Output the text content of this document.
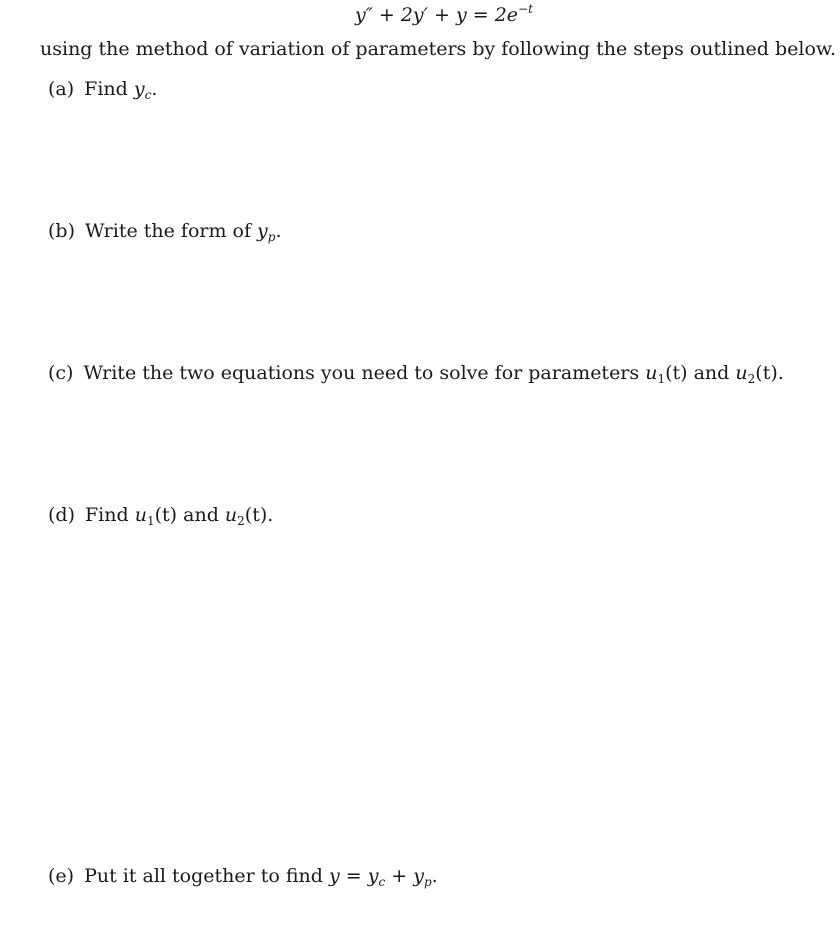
$y'' + 2y' + y = 2e^{-t}$
using the method of variation of parameters by following the steps outlined below.
(a) Find $y_c$.
(b) Write the form of $y_p$.
(c) Write the two equations you need to solve for parameters $u_1(t)$ and $u_2(t)$.
(d) Find $u_1(t)$ and $u_2(t)$.
(e) Put it all together to find $y = y_c + y_p$.
